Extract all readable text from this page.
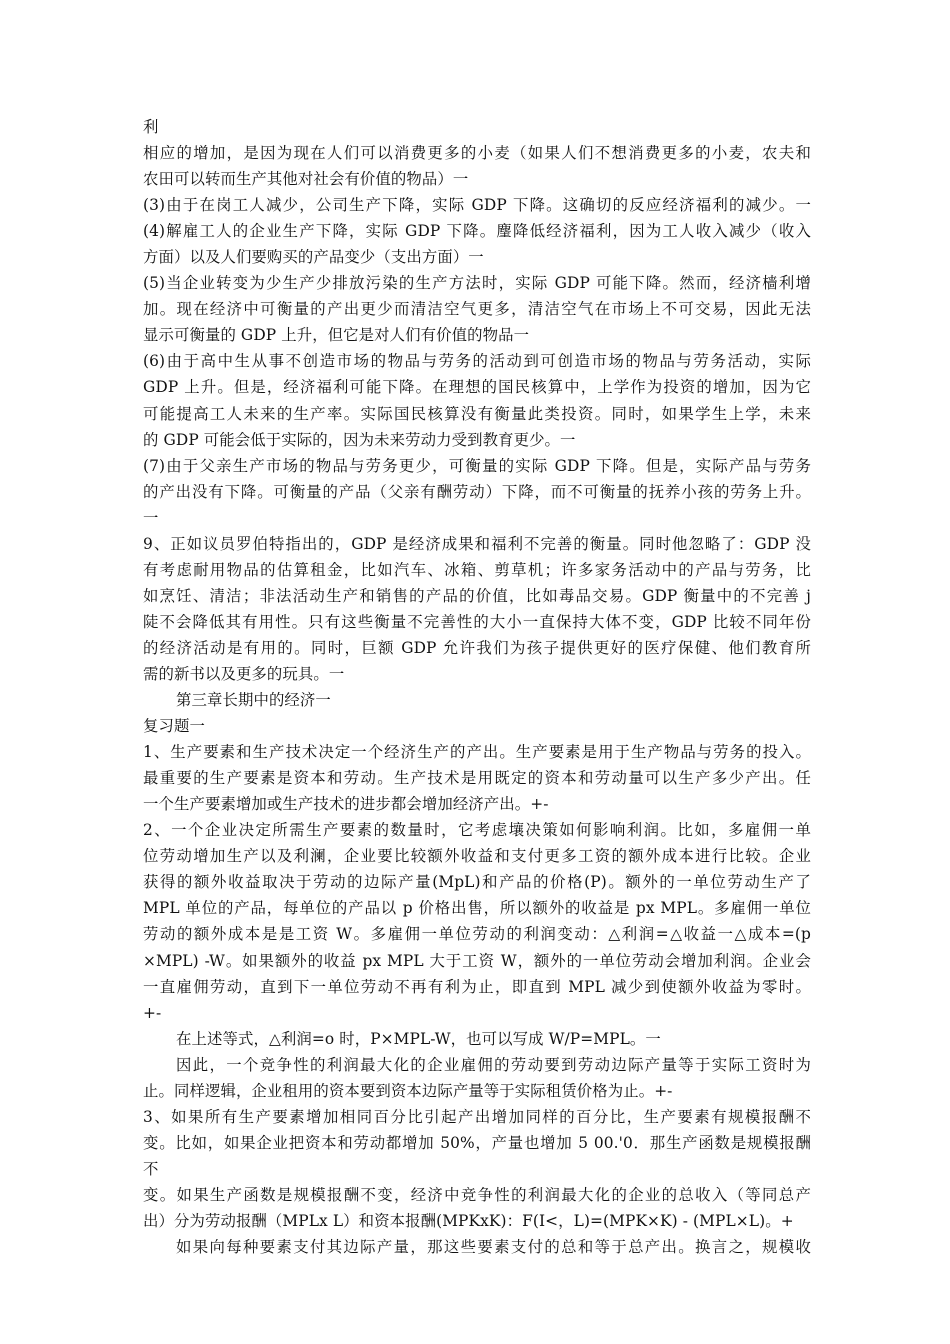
利
相应的增加，是因为现在人们可以消费更多的小麦（如果人们不想消费更多的小麦，农夫和
农田可以转而生产其他对社会有价值的物品）一
(3)由于在岗工人减少，公司生产下降，实际 GDP 下降。这确切的反应经济福利的减少。一
(4)解雇工人的企业生产下降，实际 GDP 下降。麈降低经济福利，因为工人收入减少（收入
方面）以及人们要购买的产品变少（支出方面）一
(5)当企业转变为少生产少排放污染的生产方法时，实际 GDP 可能下降。然而，经济樯利增
加。现在经济中可衡量的产出更少而清洁空气更多，清洁空气在市场上不可交易，因此无法
显示可衡量的 GDP 上升，但它是对人们有价值的物品一
(6)由于高中生从事不创造市场的物品与劳务的活动到可创造市场的物品与劳务活动，实际
GDP 上升。但是，经济福利可能下降。在理想的国民核算中，上学作为投资的增加，因为它
可能提高工人未来的生产率。实际国民核算没有衡量此类投资。同时，如果学生上学，未来
的 GDP 可能会低于实际的，因为未来劳动力受到教育更少。一
(7)由于父亲生产市场的物品与劳务更少，可衡量的实际 GDP 下降。但是，实际产品与劳务
的产出没有下降。可衡量的产品（父亲有酬劳动）下降，而不可衡量的抚养小孩的劳务上升。
一
9、正如议员罗伯特指出的，GDP 是经济成果和福利不完善的衡量。同时他忽略了：GDP 没
有考虑耐用物品的估算租金，比如汽车、冰箱、剪草机；许多家务活动中的产品与劳务，比
如烹饪、清洁；非法活动生产和销售的产品的价值，比如毒品交易。GDP 衡量中的不完善 j
陡不会降低其有用性。只有这些衡量不完善性的大小一直保持大体不变，GDP 比较不同年份
的经济活动是有用的。同时，巨额 GDP 允许我们为孩子提供更好的医疗保健、他们教育所
需的新书以及更多的玩具。一
第三章长期中的经济一
复习题一
1、生产要素和生产技术决定一个经济生产的产出。生产要素是用于生产物品与劳务的投入。
最重要的生产要素是资本和劳动。生产技术是用既定的资本和劳动量可以生产多少产出。任
一个生产要素增加或生产技术的进步都会增加经济产出。+-
2、一个企业决定所需生产要素的数量时，它考虑壤决策如何影响利润。比如，多雇佣一单
位劳动增加生产以及利澜，企业要比较额外收益和支付更多工资的额外成本进行比较。企业
获得的额外收益取决于劳动的边际产量(MpL)和产品的价格(P)。额外的一单位劳动生产了
MPL 单位的产品，每单位的产品以 p 价格出售，所以额外的收益是 px MPL。多雇佣一单位
劳动的额外成本是是工资 W。多雇佣一单位劳动的利润变动：△利润=△收益一△成本=(p
×MPL) -W。如果额外的收益 px MPL 大于工资 W，额外的一单位劳动会增加利润。企业会
一直雇佣劳动，直到下一单位劳动不再有利为止，即直到 MPL 减少到使额外收益为零时。
+-
在上述等式，△利润=o 时，P×MPL-W，也可以写成 W/P=MPL。一
因此，一个竞争性的利润最大化的企业雇佣的劳动要到劳动边际产量等于实际工资时为
止。同样逻辑，企业租用的资本要到资本边际产量等于实际租赁价格为止。+-
3、如果所有生产要素增加相同百分比引起产出增加同样的百分比，生产要素有规模报酬不
变。比如，如果企业把资本和劳动都增加 50%，产量也增加 5 00.'0．那生产函数是规模报酬
不
变。如果生产函数是规模报酬不变，经济中竞争性的利润最大化的企业的总收入（等同总产
出）分为劳动报酬（MPLx L）和资本报酬(MPKxK)：F(I<，L)=(MPK×K) - (MPL×L)。+
如果向每种要素支付其边际产量，那这些要素支付的总和等于总产出。换言之，规模收
